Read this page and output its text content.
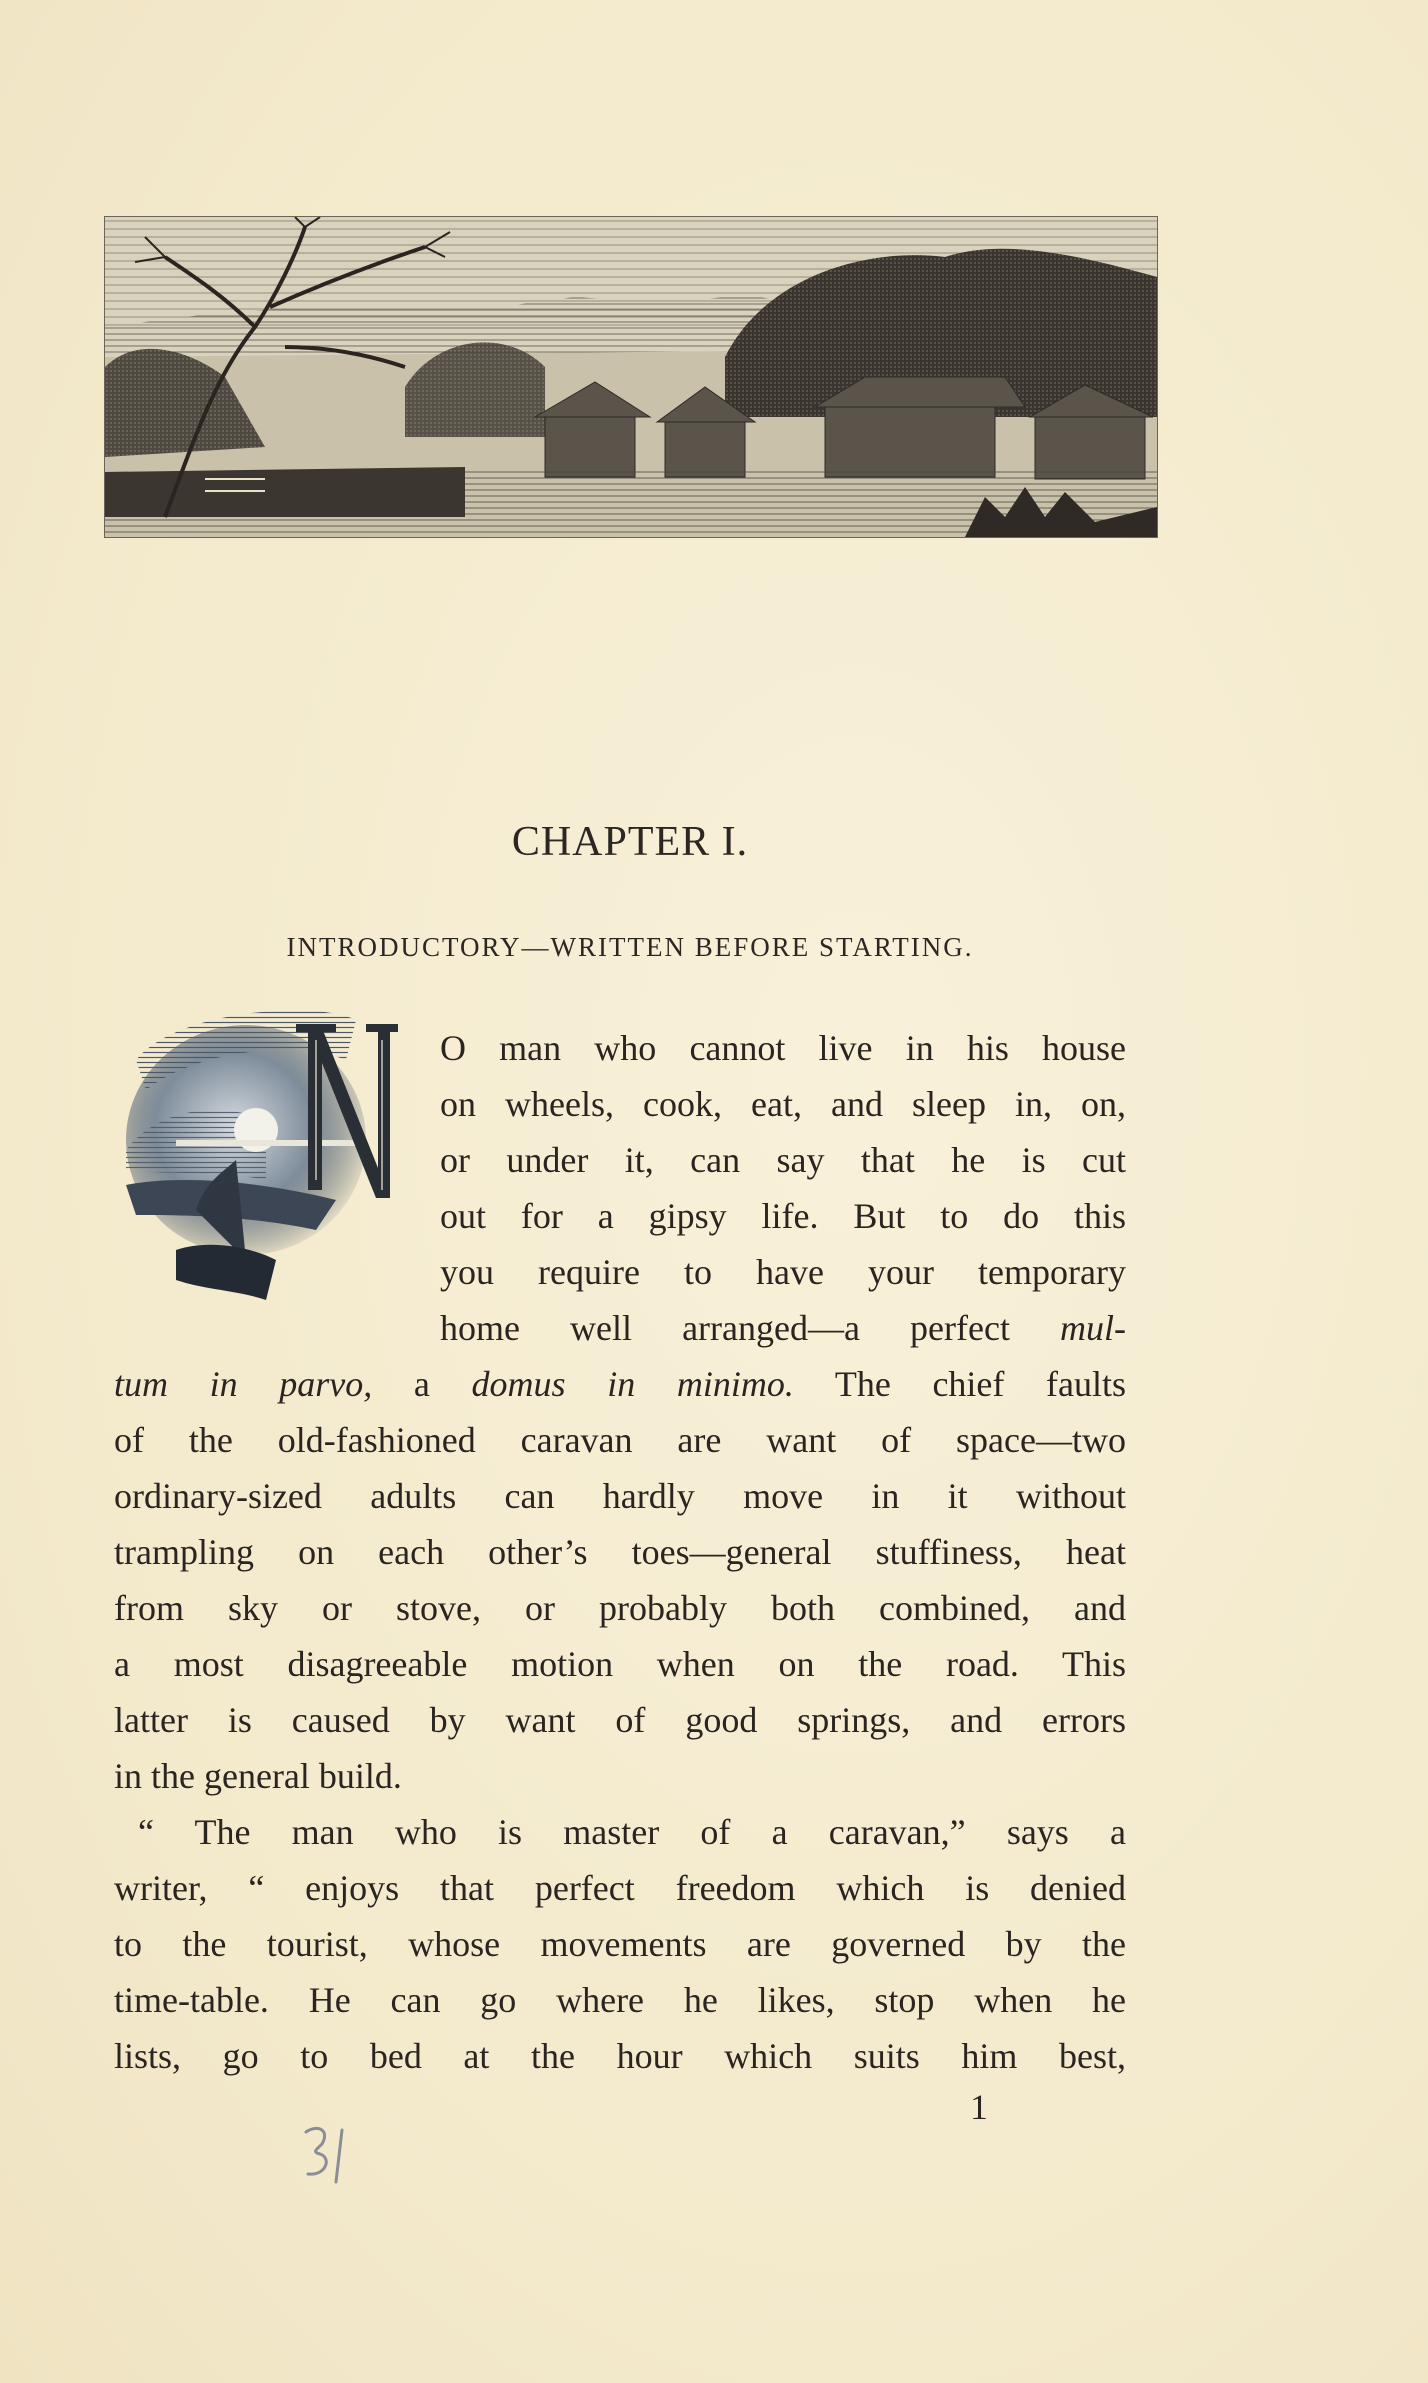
CHAPTER I.
INTRODUCTORY—WRITTEN BEFORE STARTING.
O man who cannot live in his house
on wheels, cook, eat, and sleep in, on,
or under it, can say that he is cut
out for a gipsy life. But to do this
you require to have your temporary
home well arranged—a perfect mul-
tum in parvo, a domus in minimo. The chief faults
of the old-fashioned caravan are want of space—two
ordinary-sized adults can hardly move in it without
trampling on each other’s toes—general stuffiness, heat
from sky or stove, or probably both combined, and
a most disagreeable motion when on the road. This
latter is caused by want of good springs, and errors
in the general build.
“ The man who is master of a caravan,” says a
writer, “ enjoys that perfect freedom which is denied
to the tourist, whose movements are governed by the
time-table. He can go where he likes, stop when he
lists, go to bed at the hour which suits him best,
1
